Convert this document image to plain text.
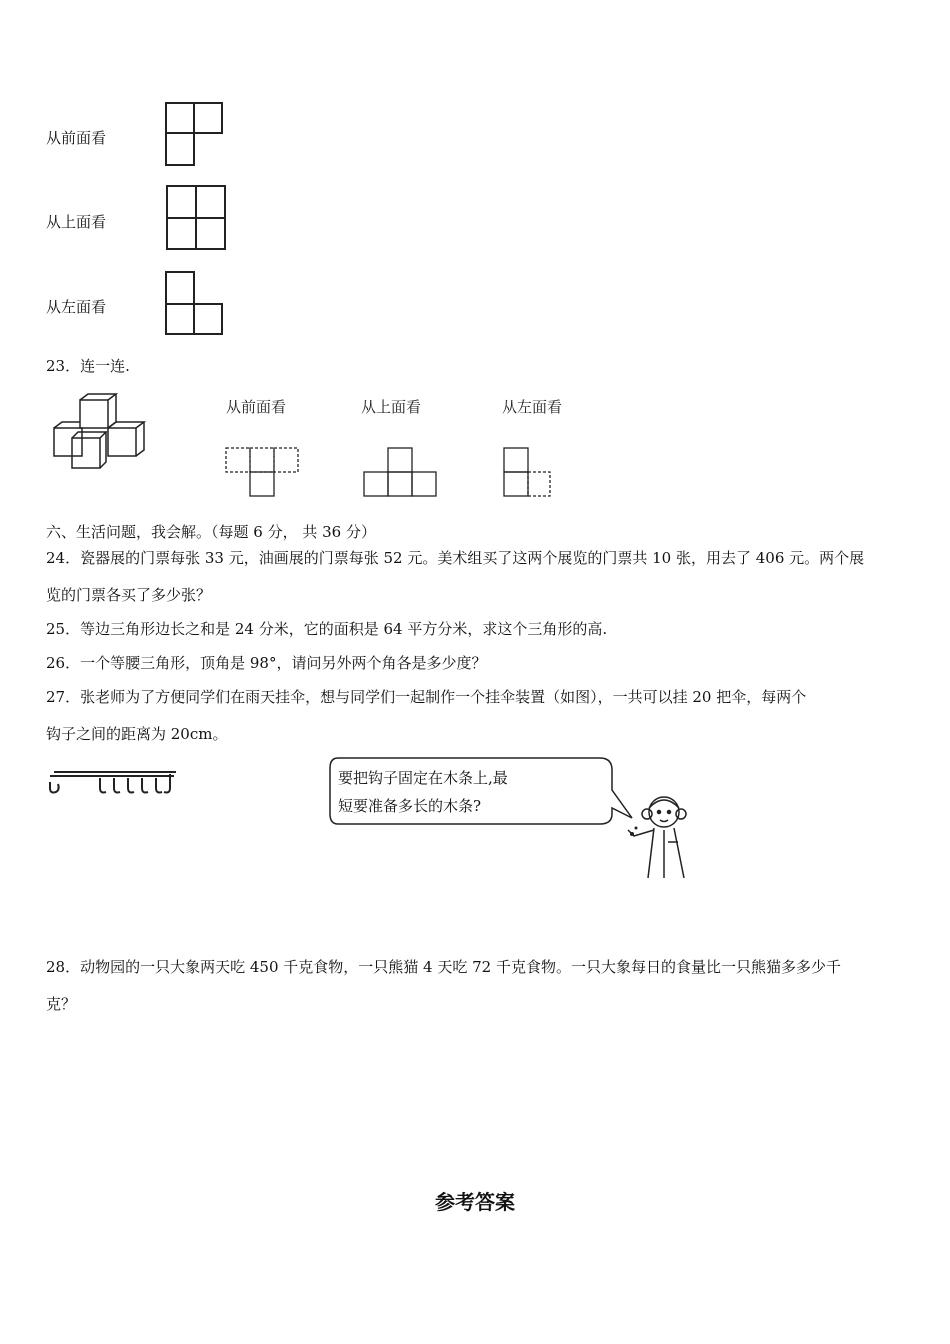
从前面看
从上面看
从左面看
23．连一连.
从前面看	从上面看	从左面看
六、生活问题，我会解。（每题 6 分， 共 36 分）
24．瓷器展的门票每张 33 元，油画展的门票每张 52 元。美术组买了这两个展览的门票共 10 张，用去了 406 元。两个展
览的门票各买了多少张？
25．等边三角形边长之和是 24 分米，它的面积是 64 平方分米，求这个三角形的高.
26．一个等腰三角形，顶角是 98°，请问另外两个角各是多少度？
27．张老师为了方便同学们在雨天挂伞，想与同学们一起制作一个挂伞装置（如图），一共可以挂 20 把伞，每两个
钩子之间的距离为 20cm。
要把钩子固定在木条上,最
短要准备多长的木条?
28．动物园的一只大象两天吃 450 千克食物，一只熊猫 4 天吃 72 千克食物。一只大象每日的食量比一只熊猫多多少千
克？
参考答案
